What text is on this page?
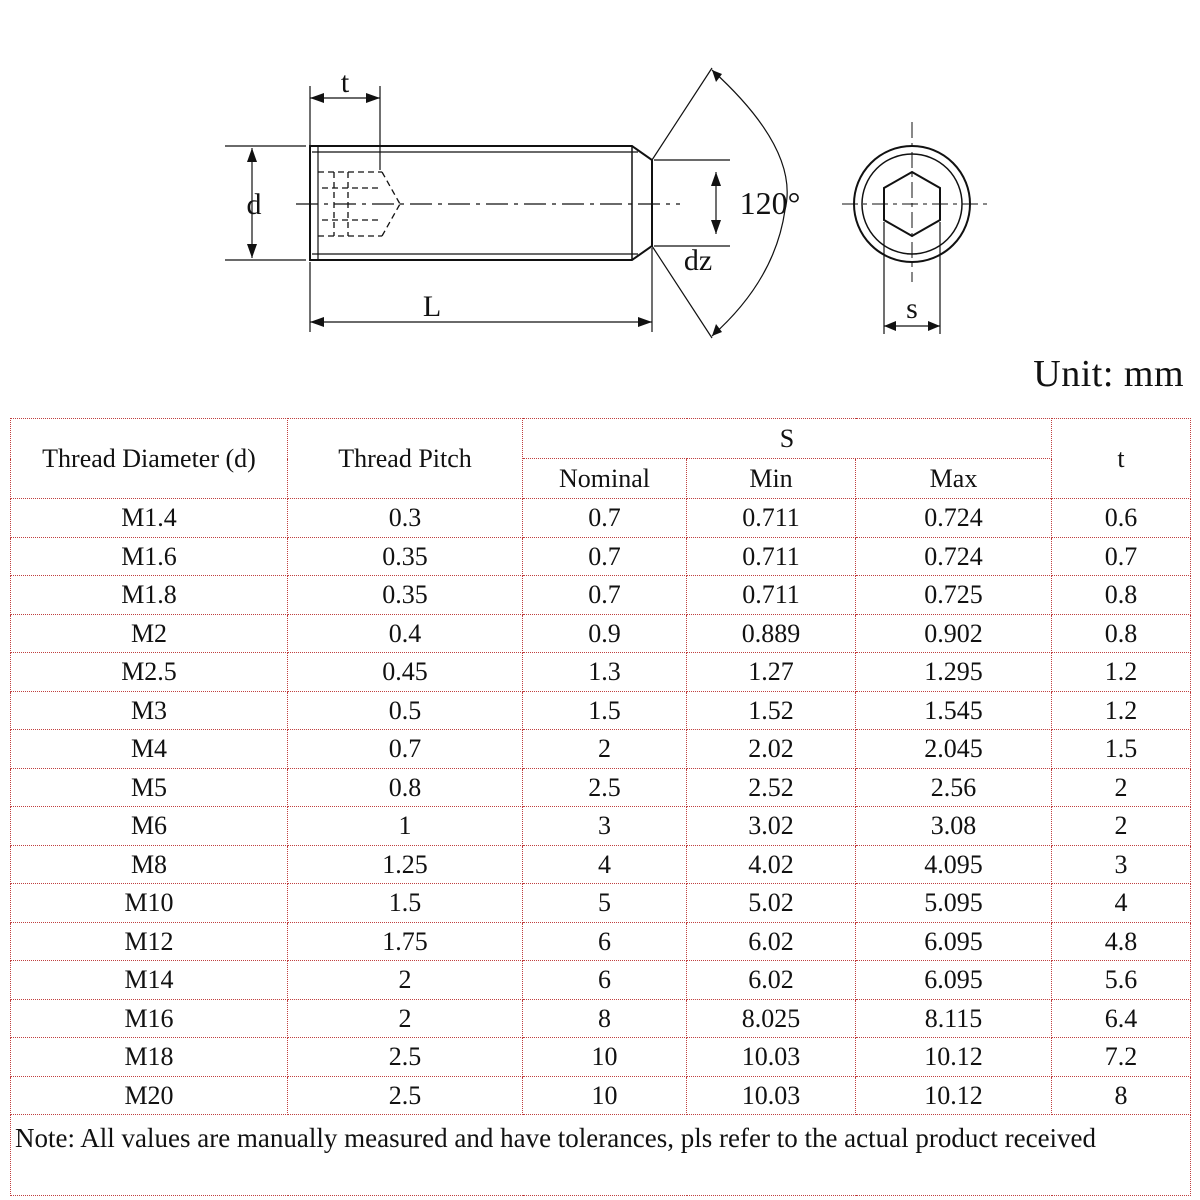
t
d
L
120°
dz
s
Unit: mm
Thread Diameter (d)	Thread Pitch	S			t
		Nominal	Min	Max	
M1.4	0.3	0.7	0.711	0.724	0.6
M1.6	0.35	0.7	0.711	0.724	0.7
M1.8	0.35	0.7	0.711	0.725	0.8
M2	0.4	0.9	0.889	0.902	0.8
M2.5	0.45	1.3	1.27	1.295	1.2
M3	0.5	1.5	1.52	1.545	1.2
M4	0.7	2	2.02	2.045	1.5
M5	0.8	2.5	2.52	2.56	2
M6	1	3	3.02	3.08	2
M8	1.25	4	4.02	4.095	3
M10	1.5	5	5.02	5.095	4
M12	1.75	6	6.02	6.095	4.8
M14	2	6	6.02	6.095	5.6
M16	2	8	8.025	8.115	6.4
M18	2.5	10	10.03	10.12	7.2
M20	2.5	10	10.03	10.12	8
Note: All values are manually measured and have tolerances, pls refer to the actual product received					
